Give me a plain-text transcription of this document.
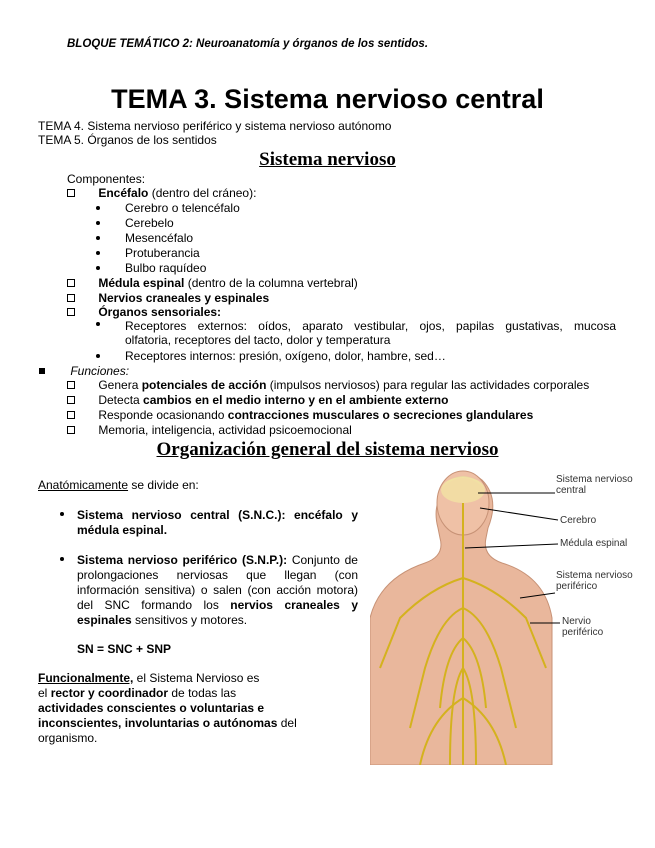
BLOQUE TEMÁTICO 2: Neuroanatomía y órganos de los sentidos.
TEMA 3. Sistema nervioso central
TEMA 4. Sistema nervioso periférico y sistema nervioso autónomo
TEMA 5. Órganos de los sentidos
Sistema nervioso
Componentes:
Encéfalo (dentro del cráneo):
Cerebro o telencéfalo
Cerebelo
Mesencéfalo
Protuberancia
Bulbo raquídeo
Médula espinal (dentro de la columna vertebral)
Nervios craneales y espinales
Órganos sensoriales:
Receptores externos: oídos, aparato vestibular, ojos, papilas gustativas, mucosa
olfatoria, receptores del tacto, dolor y temperatura
Receptores internos: presión, oxígeno, dolor, hambre, sed…
Funciones:
Genera potenciales de acción (impulsos nerviosos) para regular las actividades corporales
Detecta cambios en el medio interno y en el ambiente externo
Responde ocasionando contracciones musculares o secreciones glandulares
Memoria, inteligencia, actividad psicoemocional
Organización general del sistema nervioso
Anatómicamente se divide en:
Sistema nervioso central (S.N.C.): encéfalo y médula espinal.
Sistema nervioso periférico (S.N.P.): Conjunto de prolongaciones nerviosas que llegan (con información sensitiva) o salen (con acción motora) del SNC formando los nervios craneales y espinales sensitivos y motores.
SN = SNC + SNP
Funcionalmente, el Sistema Nervioso es
el rector y coordinador de todas las
actividades conscientes o voluntarias e
inconscientes, involuntarias o autónomas del
organismo.
Sistema nervioso central
Cerebro
Médula espinal
Sistema nervioso periférico
Nervio periférico
